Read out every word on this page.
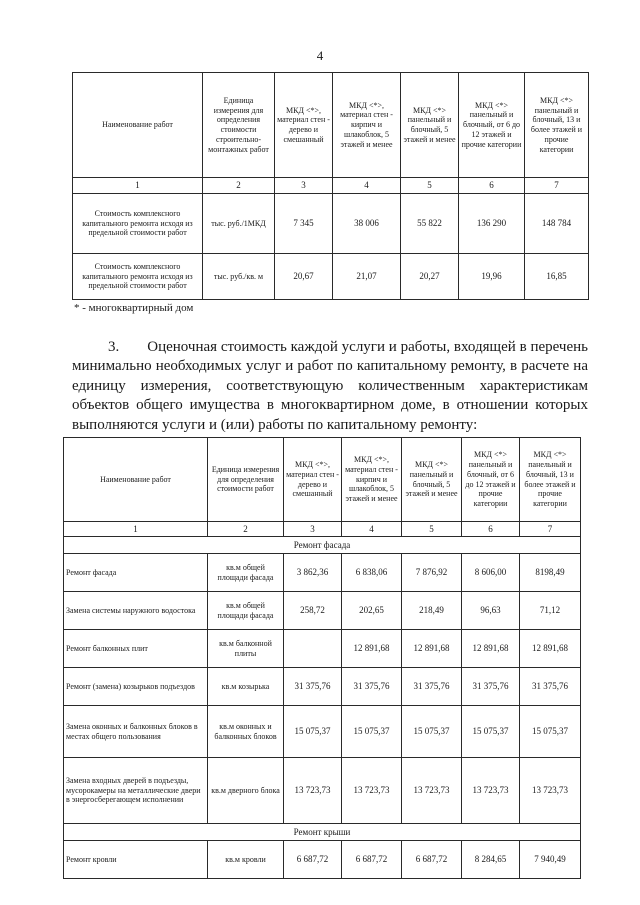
4
Наименование работ	Единица измерения для определения стоимости строительно-монтажных работ	МКД <*>, материал стен - дерево и смешанный	МКД <*>, материал стен - кирпич и шлакоблок, 5 этажей и менее	МКД <*> панельный и блочный, 5 этажей и менее	МКД <*> панельный и блочный, от 6 до 12 этажей и прочие категории	МКД <*> панельный и блочный, 13 и более этажей и прочие категории
1	2	3	4	5	6	7
Стоимость комплексного капитального ремонта исходя из предельной стоимости работ	тыс. руб./1МКД	7 345	38 006	55 822	136 290	148 784
Стоимость комплексного капитального ремонта исходя из предельной стоимости работ	тыс. руб./кв. м	20,67	21,07	20,27	19,96	16,85
* - многоквартирный дом
3. Оценочная стоимость каждой услуги и работы, входящей в перечень минимально необходимых услуг и работ по капитальному ремонту, в расчете на единицу измерения, соответствующую количественным характеристикам объектов общего имущества в многоквартирном доме, в отношении которых выполняются услуги и (или) работы по капитальному ремонту:
Наименование работ	Единица измерения для определения стоимости работ	МКД <*>, материал стен - дерево и смешанный	МКД <*>, материал стен - кирпич и шлакоблок, 5 этажей и менее	МКД <*> панельный и блочный, 5 этажей и менее	МКД <*> панельный и блочный, от 6 до 12 этажей и прочие категории	МКД <*> панельный и блочный, 13 и более этажей и прочие категории
1	2	3	4	5	6	7
Ремонт фасада						
Ремонт фасада	кв.м общей площади фасада	3 862,36	6 838,06	7 876,92	8 606,00	8198,49
Замена системы наружного водостока	кв.м общей площади фасада	258,72	202,65	218,49	96,63	71,12
Ремонт балконных плит	кв.м балконной плиты		12 891,68	12 891,68	12 891,68	12 891,68
Ремонт (замена) козырьков подъездов	кв.м козырька	31 375,76	31 375,76	31 375,76	31 375,76	31 375,76
Замена оконных и балконных блоков в местах общего пользования	кв.м оконных и балконных блоков	15 075,37	15 075,37	15 075,37	15 075,37	15 075,37
Замена входных дверей в подъезды, мусорокамеры на металлические двери в энергосберегающем исполнении	кв.м дверного блока	13 723,73	13 723,73	13 723,73	13 723,73	13 723,73
Ремонт крыши						
Ремонт кровли	кв.м кровли	6 687,72	6 687,72	6 687,72	8 284,65	7 940,49
